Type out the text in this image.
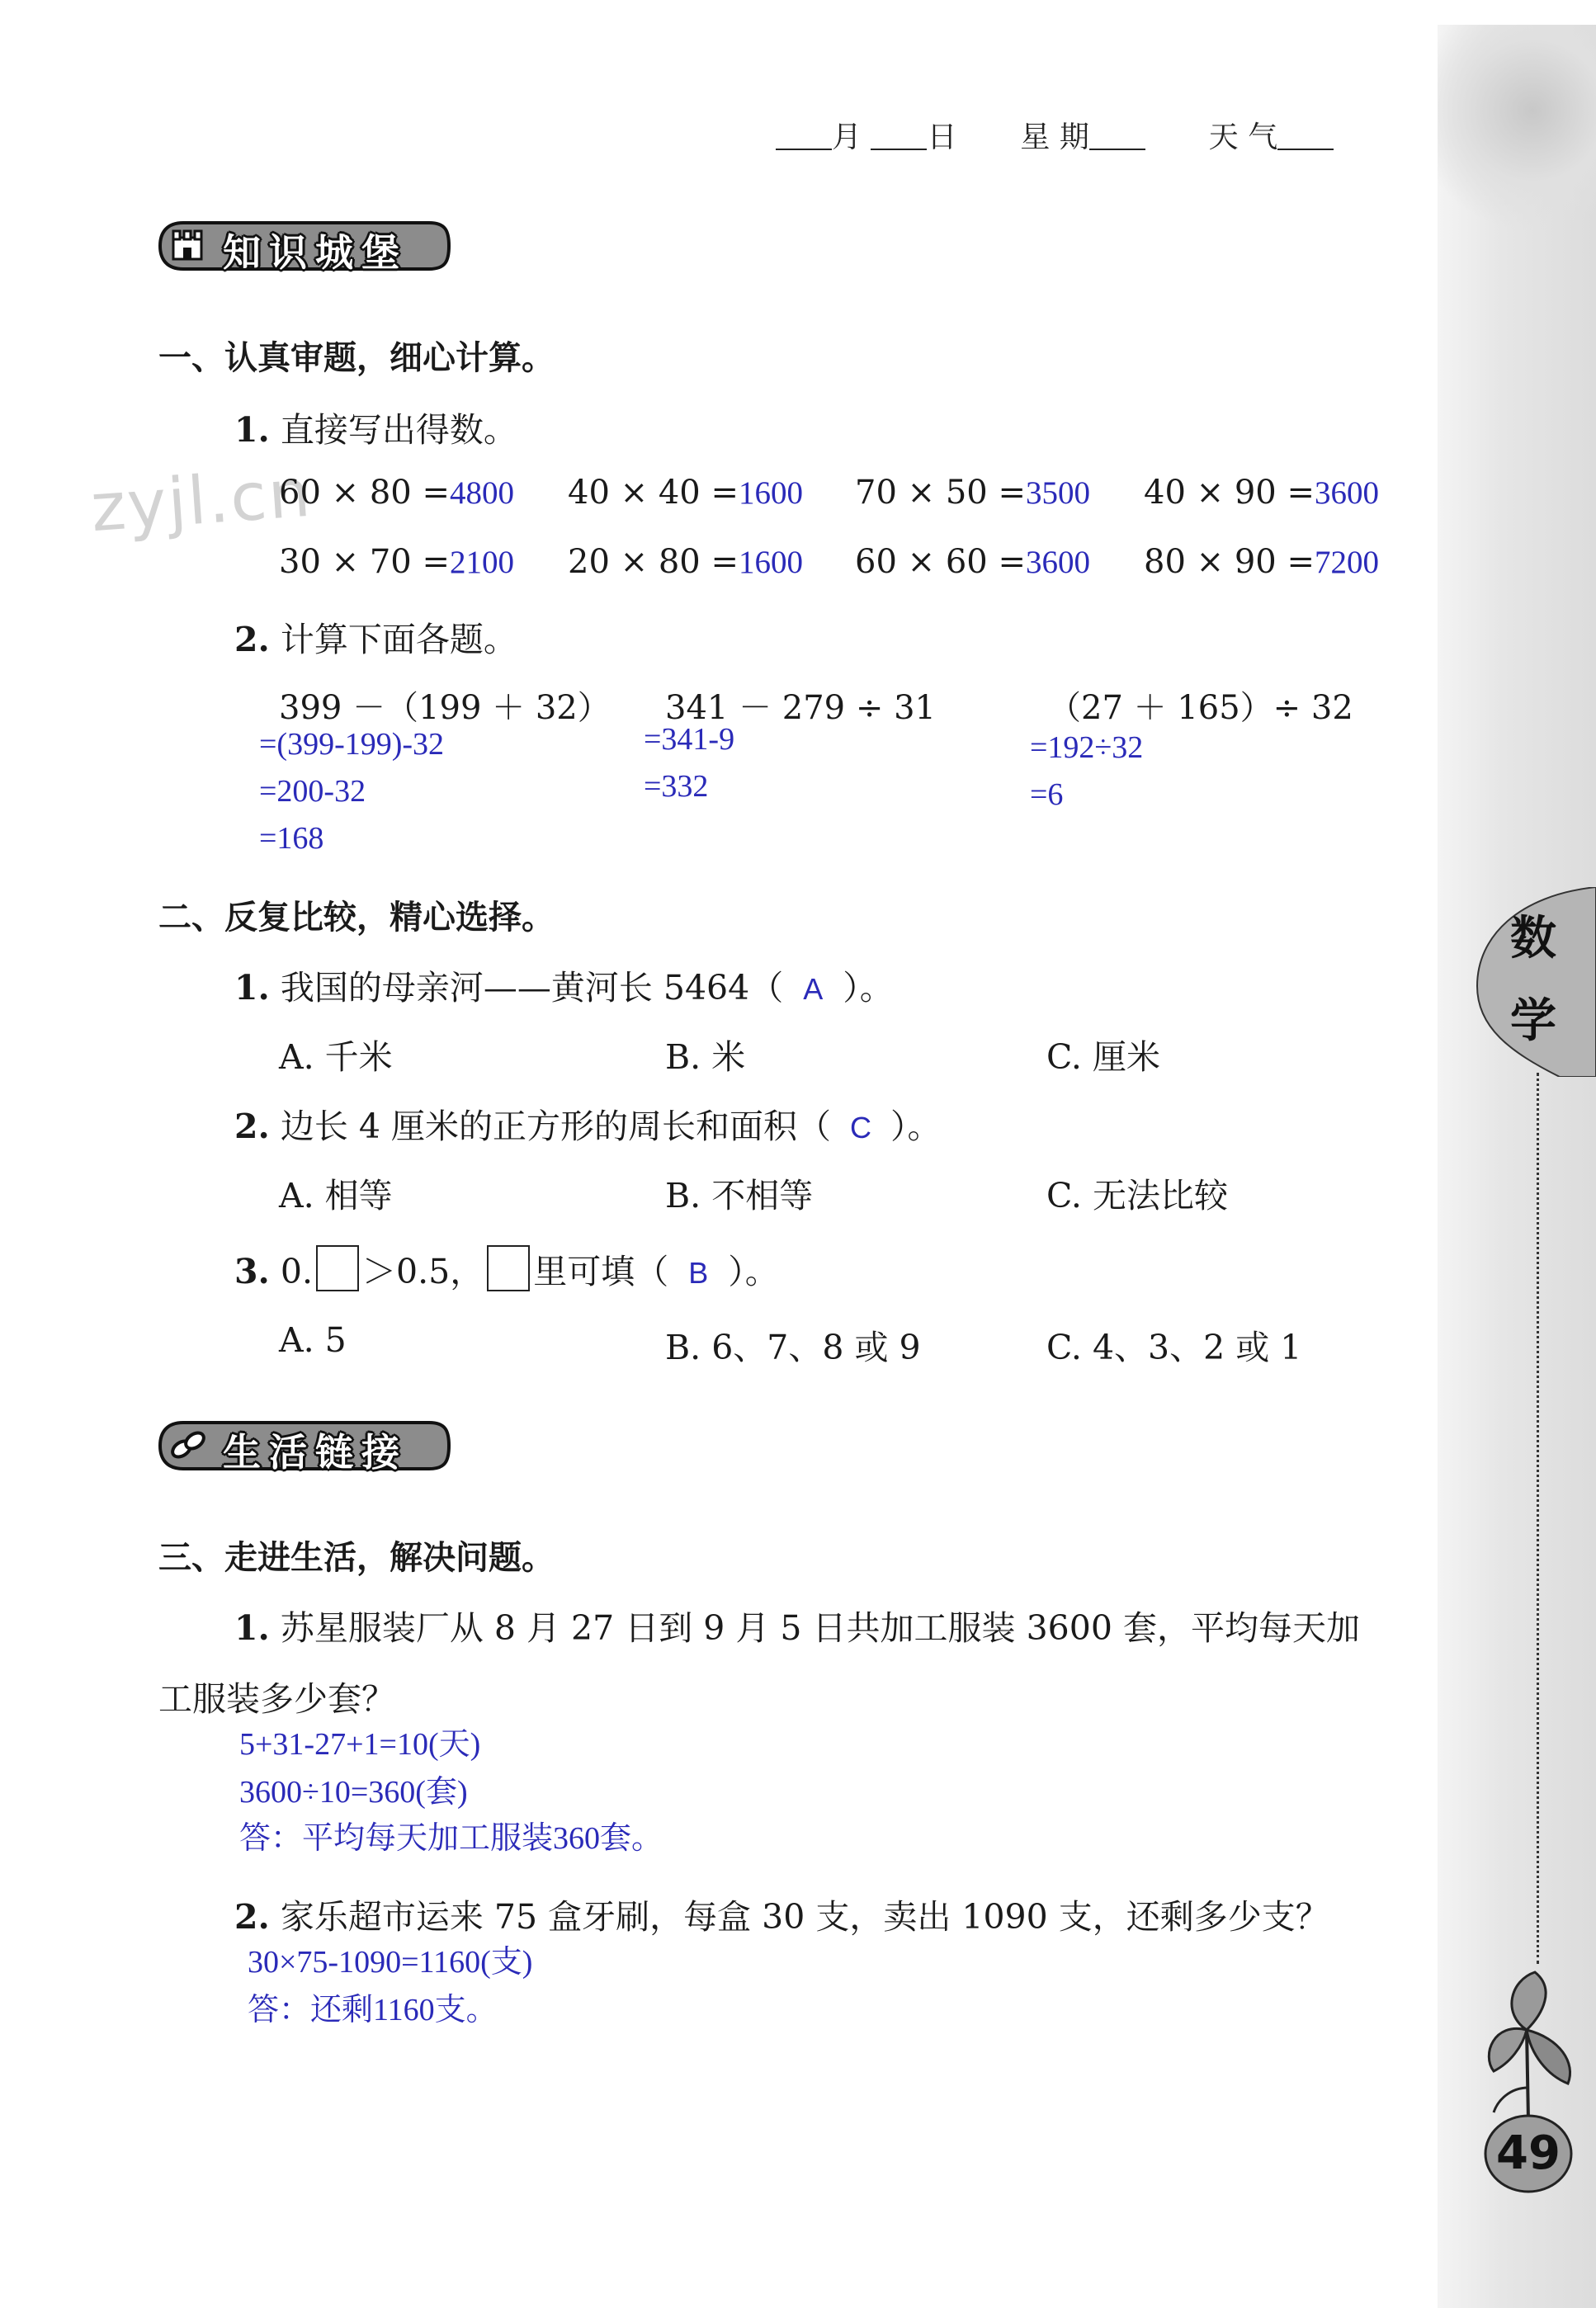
数
学
49
月 日 星 期	天 气
知识城堡
zyjl.cn
一、认真审题，细心计算。
1. 直接写出得数。
60 × 80 =4800 40 × 40 =1600 70 × 50 =3500 40 × 90 =3600
30 × 70 =2100 20 × 80 =1600 60 × 60 =3600 80 × 90 =7200
2. 计算下面各题。
399 －（199 ＋ 32）
=(399-199)-32
=200-32
=168
341 － 279 ÷ 31
=341-9
=332
（27 ＋ 165）÷ 32
=192÷32
=6
二、反复比较，精心选择。
1. 我国的母亲河——黄河长 5464（ A ）。
A. 千米	B. 米	C. 厘米
2. 边长 4 厘米的正方形的周长和面积（ C ）。
A. 相等	B. 不相等	C. 无法比较
3. 0. ＞0.5， 里可填（ B ）。
A. 5	B. 6、7、8 或 9	C. 4、3、2 或 1
生活链接
三、走进生活，解决问题。
1. 苏星服装厂从 8 月 27 日到 9 月 5 日共加工服装 3600 套，平均每天加
工服装多少套？
5+31-27+1=10(天)
3600÷10=360(套)
答：平均每天加工服装360套。
2. 家乐超市运来 75 盒牙刷，每盒 30 支，卖出 1090 支，还剩多少支？
30×75-1090=1160(支)
答：还剩1160支。
